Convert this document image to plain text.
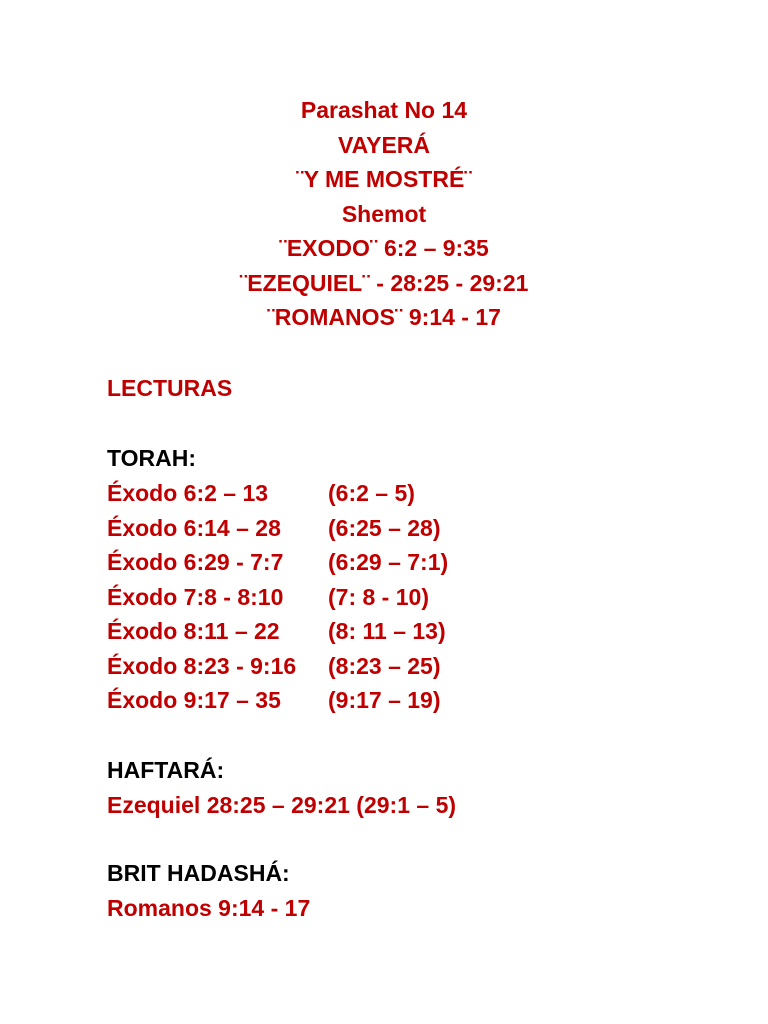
Parashat No 14
VAYERÁ
¨Y ME MOSTRÉ¨
Shemot
¨EXODO¨ 6:2 – 9:35
¨EZEQUIEL¨ - 28:25 - 29:21
¨ROMANOS¨ 9:14 - 17
LECTURAS
TORAH:
Éxodo 6:2 – 13	(6:2 – 5)
Éxodo 6:14 – 28	(6:25 – 28)
Éxodo 6:29 - 7:7	(6:29 – 7:1)
Éxodo 7:8 - 8:10	(7: 8 - 10)
Éxodo 8:11 – 22	(8: 11 – 13)
Éxodo 8:23 - 9:16	(8:23 – 25)
Éxodo 9:17 – 35	(9:17 – 19)
HAFTARÁ:
Ezequiel 28:25 – 29:21 (29:1 – 5)
BRIT HADASHÁ:
Romanos 9:14 - 17
